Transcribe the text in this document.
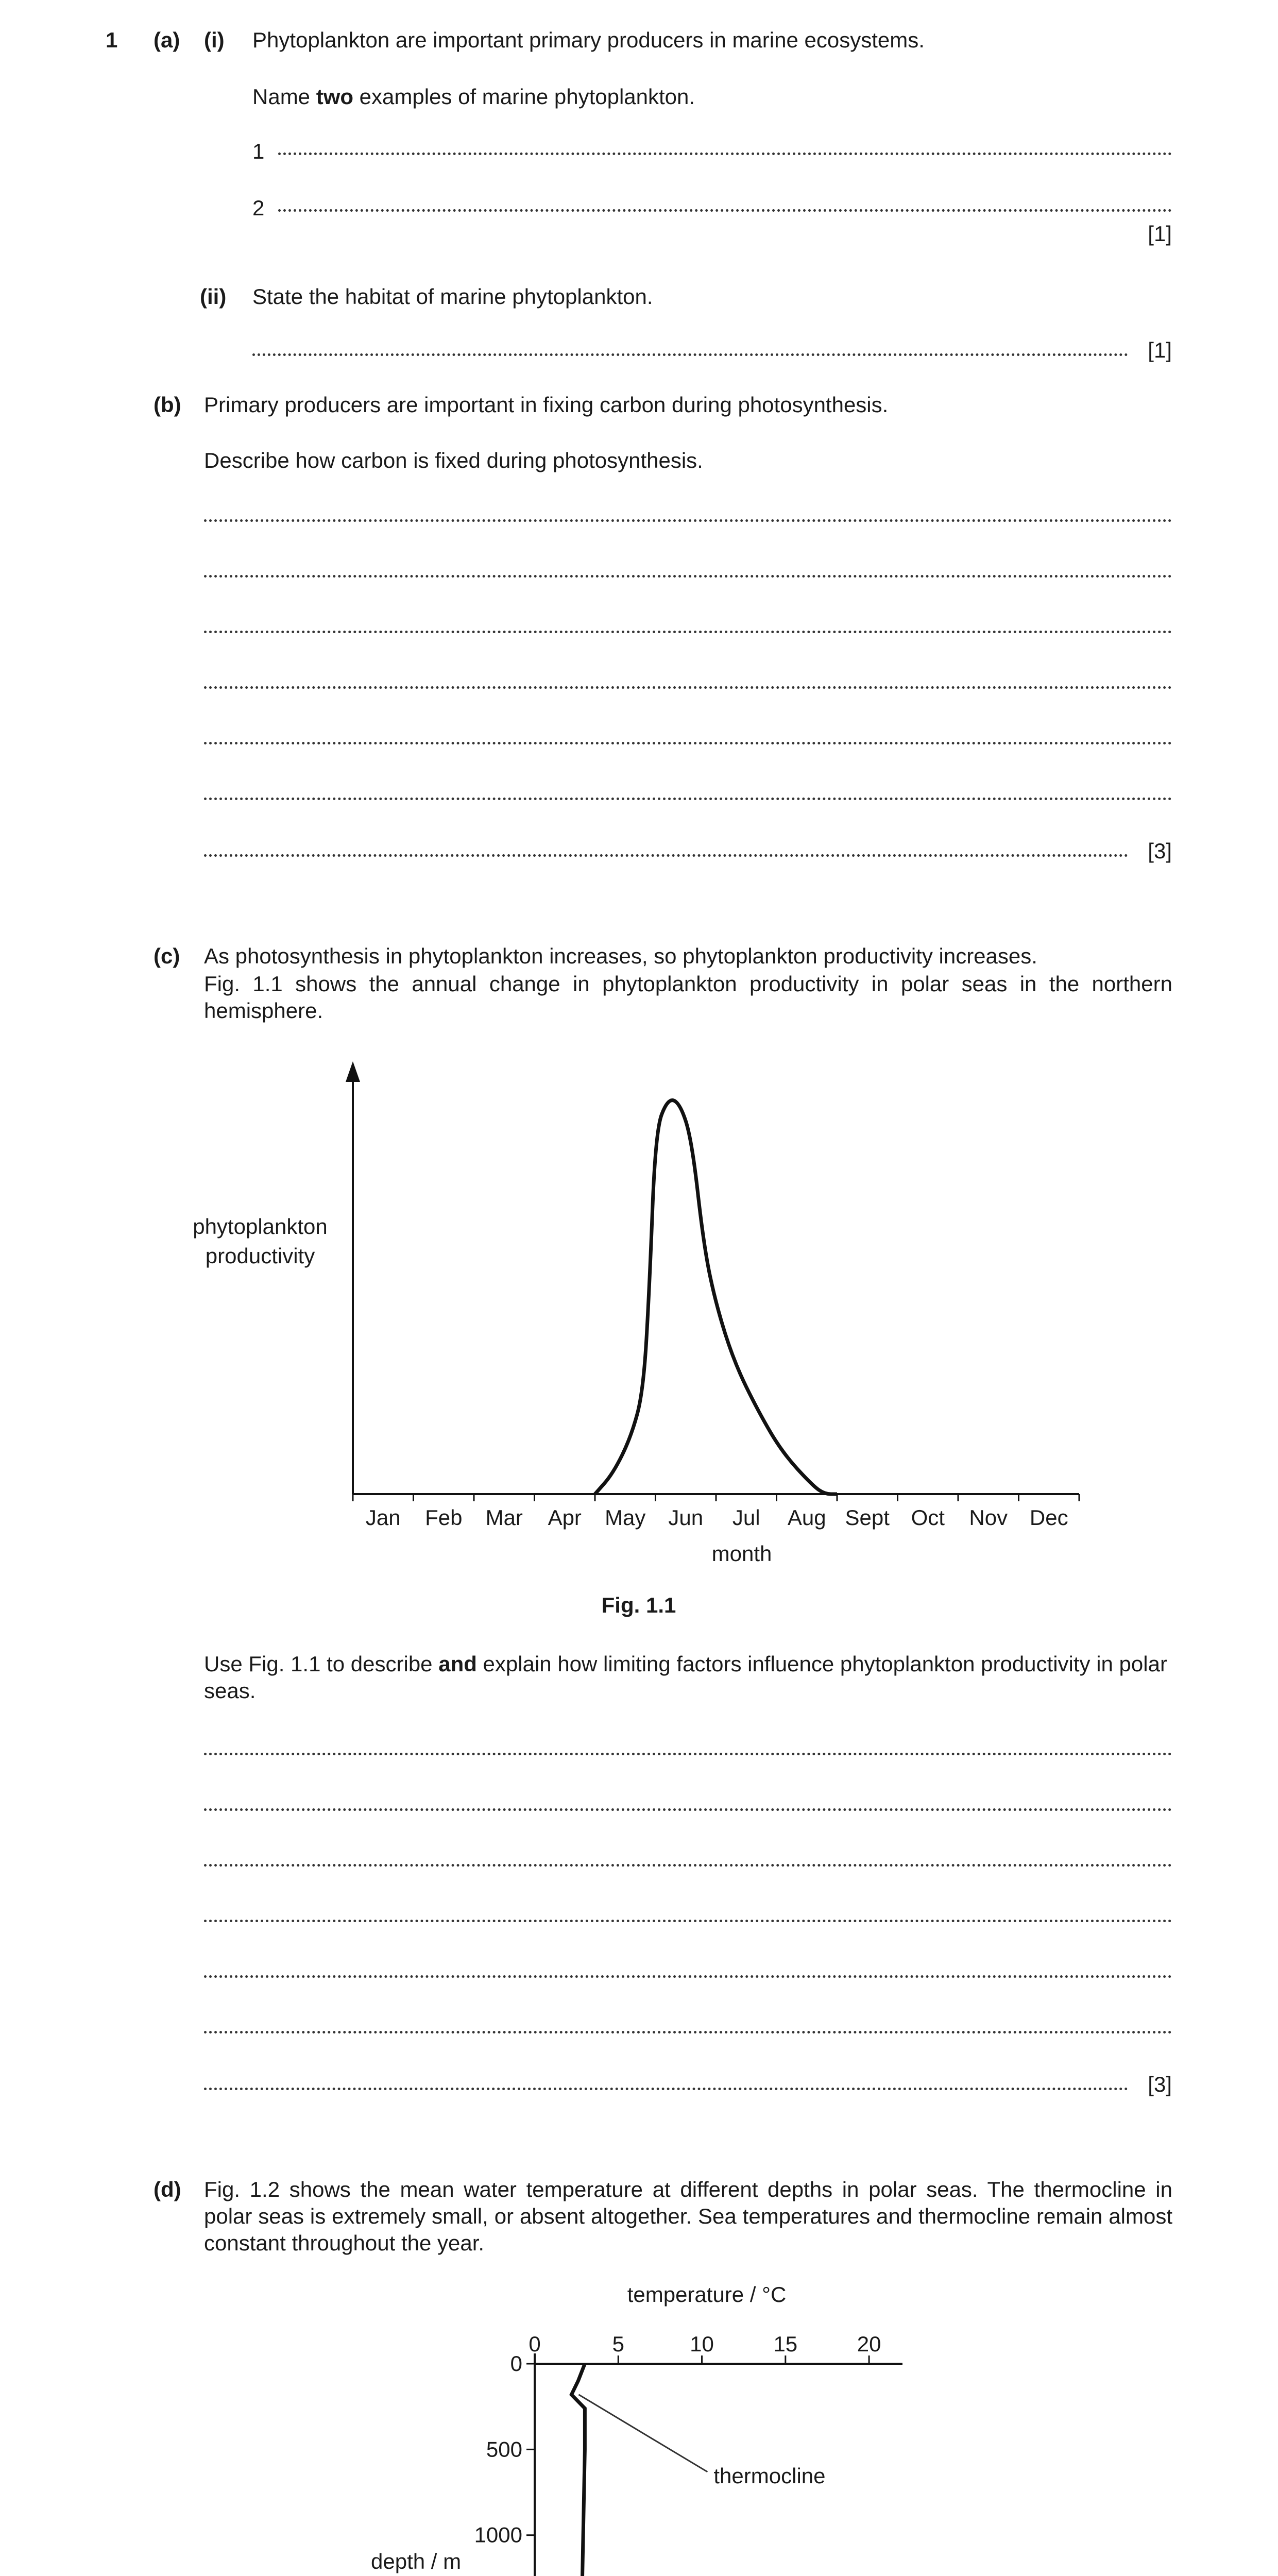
1 (a) (i) Phytoplankton are important primary producers in marine ecosystems.
Name two examples of marine phytoplankton.
1
2
[1]
(ii) State the habitat of marine phytoplankton.
[1]
(b) Primary producers are important in fixing carbon during photosynthesis.
Describe how carbon is fixed during photosynthesis.
[3]
(c) As photosynthesis in phytoplankton increases, so phytoplankton productivity increases.
Fig. 1.1 shows the annual change in phytoplankton productivity in polar seas in the northern hemisphere.
Jan Feb Mar Apr May Jun Jul Aug Sept Oct Nov Dec
phytoplankton
productivity
month
Fig. 1.1
Use Fig. 1.1 to describe and explain how limiting factors influence phytoplankton productivity in polar seas.
[3]
(d) Fig. 1.2 shows the mean water temperature at different depths in polar seas. The thermocline in polar seas is extremely small, or absent altogether. Sea temperatures and thermocline remain almost constant throughout the year.
0	5	10	15	20
0
500
1000
thermocline
temperature / °C
depth / m
